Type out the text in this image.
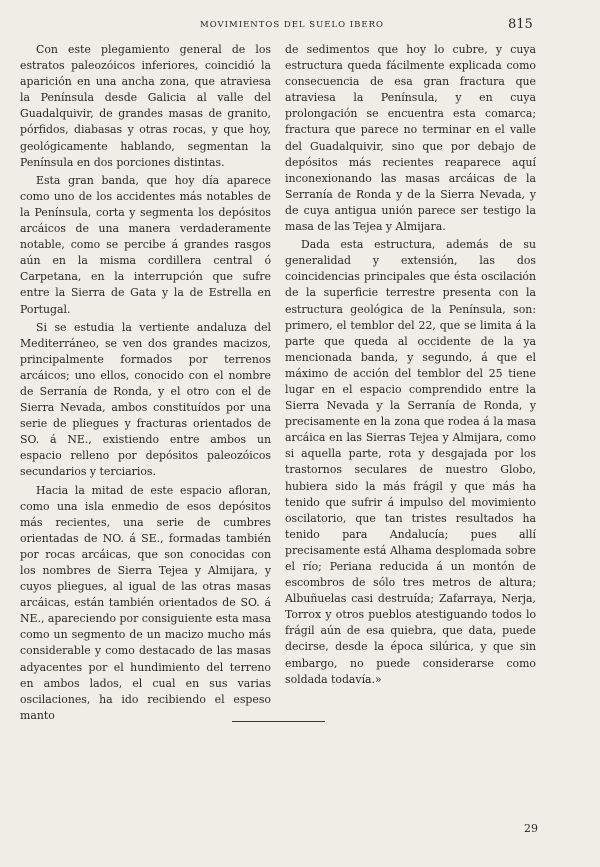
MOVIMIENTOS DEL SUELO IBERO	815

Con este plegamiento general de los estratos paleozóicos inferiores, coincidió la aparición en una ancha zona, que atraviesa la Península desde Galicia al valle del Guadalquivir, de grandes masas de granito, pórfidos, diabasas y otras rocas, y que hoy, geológicamente hablando, segmentan la Península en dos porciones distintas.

Esta gran banda, que hoy día aparece como uno de los accidentes más notables de la Península, corta y segmenta los depósitos arcáicos de una manera verdaderamente notable, como se percibe á grandes rasgos aún en la misma cordillera central ó Carpetana, en la interrupción que sufre entre la Sierra de Gata y la de Estrella en Portugal.

Si se estudia la vertiente andaluza del Mediterráneo, se ven dos grandes macizos, principalmente formados por terrenos arcáicos; uno ellos, conocido con el nombre de Serranía de Ronda, y el otro con el de Sierra Nevada, ambos constituídos por una serie de pliegues y fracturas orientados de SO. á NE., existiendo entre ambos un espacio relleno por depósitos paleozóicos secundarios y terciarios.

Hacia la mitad de este espacio afloran, como una isla enmedio de esos depósitos más recientes, una serie de cumbres orientadas de NO. á SE., formadas también por rocas arcáicas, que son conocidas con los nombres de Sierra Tejea y Almijara, y cuyos pliegues, al igual de las otras masas arcáicas, están también orientados de SO. á NE., apareciendo por consiguiente esta masa como un segmento de un macizo mucho más considerable y como destacado de las masas adyacentes por el hundimiento del terreno en ambos lados, el cual en sus varias oscilaciones, ha ido recibiendo el espeso manto

de sedimentos que hoy lo cubre, y cuya estructura queda fácilmente explicada como consecuencia de esa gran fractura que atraviesa la Península, y en cuya prolongación se encuentra esta comarca; fractura que parece no terminar en el valle del Guadalquivir, sino que por debajo de depósitos más recientes reaparece aquí inconexionando las masas arcáicas de la Serranía de Ronda y de la Sierra Nevada, y de cuya antigua unión parece ser testigo la masa de las Tejea y Almijara.

Dada esta estructura, además de su generalidad y extensión, las dos coincidencias principales que ésta oscilación de la superficie terrestre presenta con la estructura geológica de la Península, son: primero, el temblor del 22, que se limita á la parte que queda al occidente de la ya mencionada banda, y segundo, á que el máximo de acción del temblor del 25 tiene lugar en el espacio comprendido entre la Sierra Nevada y la Serranía de Ronda, y precisamente en la zona que rodea á la masa arcáica en las Sierras Tejea y Almijara, como si aquella parte, rota y desgajada por los trastornos seculares de nuestro Globo, hubiera sido la más frágil y que más ha tenido que sufrir á impulso del movimiento oscilatorio, que tan tristes resultados ha tenido para Andalucía; pues allí precisamente está Alhama desplomada sobre el río; Periana reducida á un montón de escombros de sólo tres metros de altura; Albuñuelas casi destruída; Zafarraya, Nerja, Torrox y otros pueblos atestiguando todos lo frágil aún de esa quiebra, que data, puede decirse, desde la época silúrica, y que sin embargo, no puede considerarse como soldada todavía.»

29
